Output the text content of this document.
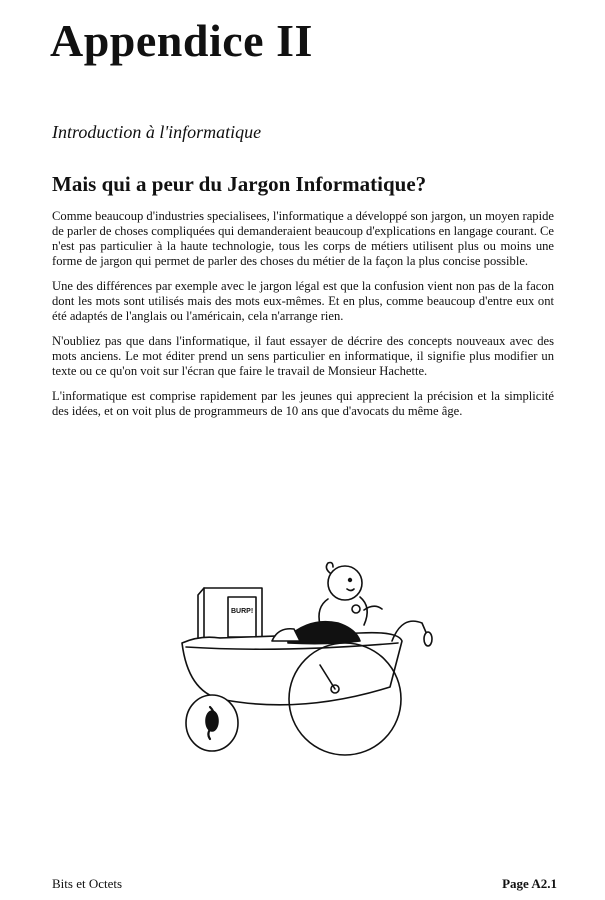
Appendice II
Introduction à l'informatique
Mais qui a peur du Jargon Informatique?

Comme beaucoup d'industries specialisees, l'informatique a développé son jargon, un moyen rapide de parler de choses compliquées qui demanderaient beaucoup d'explications en langage courant. Ce n'est pas particulier à la haute technologie, tous les corps de métiers utilisent plus ou moins une forme de jargon qui permet de parler des choses du métier de la façon la plus concise possible.

Une des différences par exemple avec le jargon légal est que la confusion vient non pas de la facon dont les mots sont utilisés mais des mots eux-mêmes. Et en plus, comme beaucoup d'entre eux ont été adaptés de l'anglais ou l'américain, cela n'arrange rien.

N'oubliez pas que dans l'informatique, il faut essayer de décrire des concepts nouveaux avec des mots anciens. Le mot éditer prend un sens particulier en informatique, il signifie plus modifier un texte ou ce qu'on voit sur l'écran que faire le travail de Monsieur Hachette.

L'informatique est comprise rapidement par les jeunes qui apprecient la précision et la simplicité des idées, et on voit plus de programmeurs de 10 ans que d'avocats du même âge.

BURP!
Bits et Octets	Page A2.1
